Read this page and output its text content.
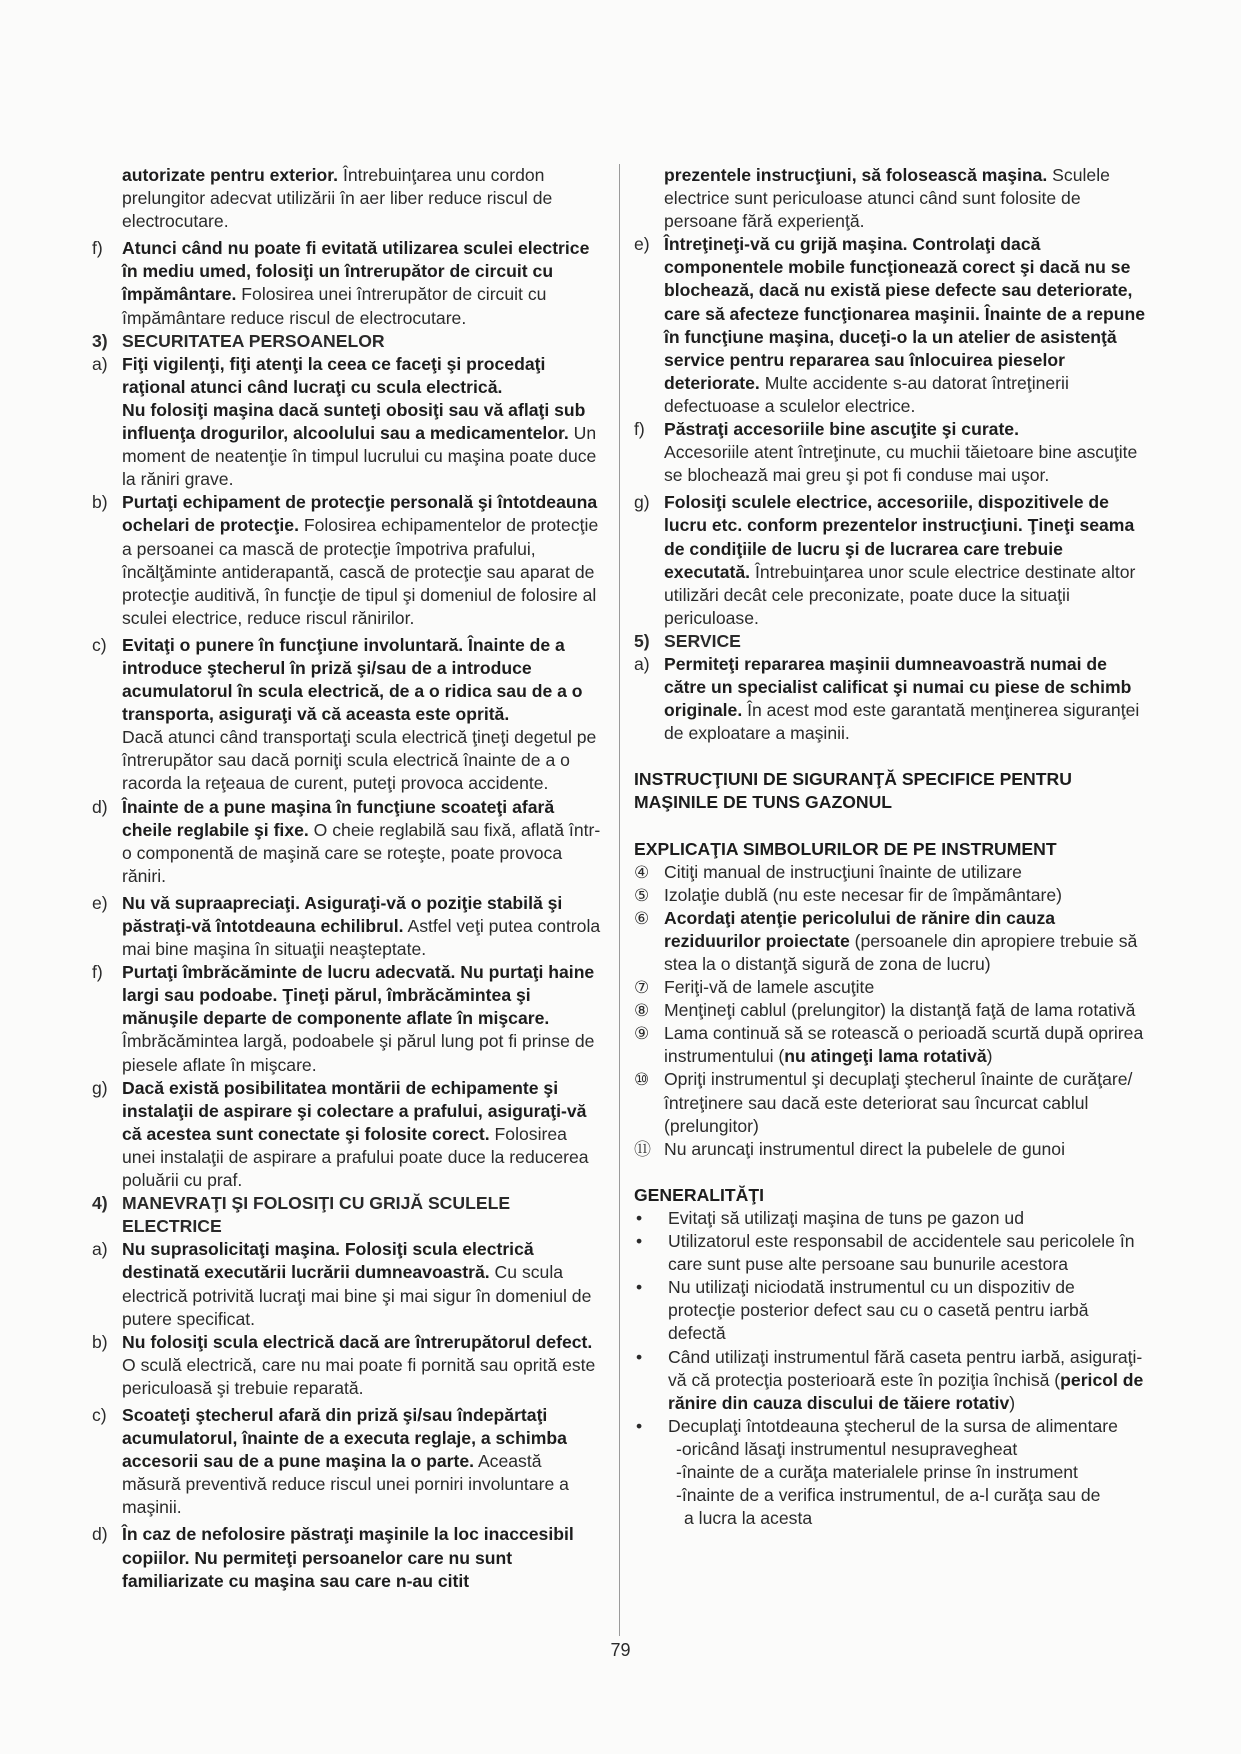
autorizate pentru exterior. Întrebuinţarea unu cordon prelungitor adecvat utilizării în aer liber reduce riscul de electrocutare.

f) Atunci când nu poate fi evitată utilizarea sculei electrice în mediu umed, folosiţi un întrerupător de circuit cu împământare. Folosirea unei întrerupător de circuit cu împământare reduce riscul de electrocutare.

3) SECURITATEA PERSOANELOR

a) Fiţi vigilenţi, fiţi atenţi la ceea ce faceţi şi procedaţi raţional atunci când lucraţi cu scula electrică.
Nu folosiţi maşina dacă sunteţi obosiţi sau vă aflaţi sub influenţa drogurilor, alcoolului sau a medicamentelor. Un moment de neatenţie în timpul lucrului cu maşina poate duce la răniri grave.

b) Purtaţi echipament de protecţie personală şi întotdeauna ochelari de protecţie. Folosirea echipamentelor de protecţie a persoanei ca mască de protecţie împotriva prafului, încălţăminte antiderapantă, cască de protecţie sau aparat de protecţie auditivă, în funcţie de tipul şi domeniul de folosire al sculei electrice, reduce riscul rănirilor.

c) Evitaţi o punere în funcţiune involuntară. Înainte de a introduce ştecherul în priză şi/sau de a introduce acumulatorul în scula electrică, de a o ridica sau de a o transporta, asiguraţi vă că aceasta este oprită.
Dacă atunci când transportaţi scula electrică ţineţi degetul pe întrerupător sau dacă porniţi scula electrică înainte de a o racorda la reţeaua de curent, puteţi provoca accidente.

d) Înainte de a pune maşina în funcţiune scoateţi afară cheile reglabile şi fixe. O cheie reglabilă sau fixă, aflată într-o componentă de maşină care se roteşte, poate provoca răniri.

e) Nu vă supraapreciaţi. Asiguraţi-vă o poziţie stabilă şi păstraţi-vă întotdeauna echilibrul. Astfel veţi putea controla mai bine maşina în situaţii neaşteptate.

f) Purtaţi îmbrăcăminte de lucru adecvată. Nu purtaţi haine largi sau podoabe. Ţineţi părul, îmbrăcămintea şi mănuşile departe de componente aflate în mişcare. Îmbrăcămintea largă, podoabele şi părul lung pot fi prinse de piesele aflate în mişcare.

g) Dacă există posibilitatea montării de echipamente şi instalaţii de aspirare şi colectare a prafului, asiguraţi-vă că acestea sunt conectate şi folosite corect. Folosirea unei instalaţii de aspirare a prafului poate duce la reducerea poluării cu praf.

4) MANEVRAŢI ŞI FOLOSIŢI CU GRIJĂ SCULELE ELECTRICE

a) Nu suprasolicitaţi maşina. Folosiţi scula electrică destinată executării lucrării dumneavoastră. Cu scula electrică potrivită lucraţi mai bine şi mai sigur în domeniul de putere specificat.

b) Nu folosiţi scula electrică dacă are întrerupătorul defect. O sculă electrică, care nu mai poate fi pornită sau oprită este periculoasă şi trebuie reparată.

c) Scoateţi ştecherul afară din priză şi/sau îndepărtaţi acumulatorul, înainte de a executa reglaje, a schimba accesorii sau de a pune maşina la o parte. Această măsură preventivă reduce riscul unei porniri involuntare a maşinii.

d) În caz de nefolosire păstraţi maşinile la loc inaccesibil copiilor. Nu permiteţi persoanelor care nu sunt familiarizate cu maşina sau care n-au citit

prezentele instrucţiuni, să folosească maşina. Sculele electrice sunt periculoase atunci când sunt folosite de persoane fără experienţă.

e) Întreţineţi-vă cu grijă maşina. Controlaţi dacă componentele mobile funcţionează corect şi dacă nu se blochează, dacă nu există piese defecte sau deteriorate, care să afecteze funcţionarea maşinii. Înainte de a repune în funcţiune maşina, duceţi-o la un atelier de asistenţă service pentru repararea sau înlocuirea pieselor deteriorate. Multe accidente s-au datorat întreţinerii defectuoase a sculelor electrice.

f) Păstraţi accesoriile bine ascuţite şi curate.
Accesoriile atent întreţinute, cu muchii tăietoare bine ascuţite se blochează mai greu şi pot fi conduse mai uşor.

g) Folosiţi sculele electrice, accesoriile, dispozitivele de lucru etc. conform prezentelor instrucţiuni. Ţineţi seama de condiţiile de lucru şi de lucrarea care trebuie executată. Întrebuinţarea unor scule electrice destinate altor utilizări decât cele preconizate, poate duce la situaţii periculoase.

5) SERVICE

a) Permiteţi repararea maşinii dumneavoastră numai de către un specialist calificat şi numai cu piese de schimb originale. În acest mod este garantată menţinerea siguranţei de exploatare a maşinii.

INSTRUCŢIUNI DE SIGURANŢĂ SPECIFICE PENTRU MAŞINILE DE TUNS GAZONUL

EXPLICAŢIA SIMBOLURILOR DE PE INSTRUMENT

④ Citiţi manual de instrucţiuni înainte de utilizare

⑤ Izolaţie dublă (nu este necesar fir de împământare)

⑥ Acordaţi atenţie pericolului de rănire din cauza reziduurilor proiectate (persoanele din apropiere trebuie să stea la o distanţă sigură de zona de lucru)

⑦ Feriţi-vă de lamele ascuţite

⑧ Menţineţi cablul (prelungitor) la distanţă faţă de lama rotativă

⑨ Lama continuă să se rotească o perioadă scurtă după oprirea instrumentului (nu atingeţi lama rotativă)

⑩ Opriţi instrumentul şi decuplaţi ştecherul înainte de curăţare/întreţinere sau dacă este deteriorat sau încurcat cablul (prelungitor)

⑪ Nu aruncaţi instrumentul direct la pubelele de gunoi

GENERALITĂŢI

• Evitaţi să utilizaţi maşina de tuns pe gazon ud

• Utilizatorul este responsabil de accidentele sau pericolele în care sunt puse alte persoane sau bunurile acestora

• Nu utilizaţi niciodată instrumentul cu un dispozitiv de protecţie posterior defect sau cu o casetă pentru iarbă defectă

• Când utilizaţi instrumentul fără caseta pentru iarbă, asiguraţi-vă că protecţia posterioară este în poziţia închisă (pericol de rănire din cauza discului de tăiere rotativ)

• Decuplaţi întotdeauna ştecherul de la sursa de alimentare

-oricând lăsaţi instrumentul nesupravegheat

-înainte de a curăţa materialele prinse în instrument

-înainte de a verifica instrumentul, de a-l curăţa sau de

a lucra la acesta

79
